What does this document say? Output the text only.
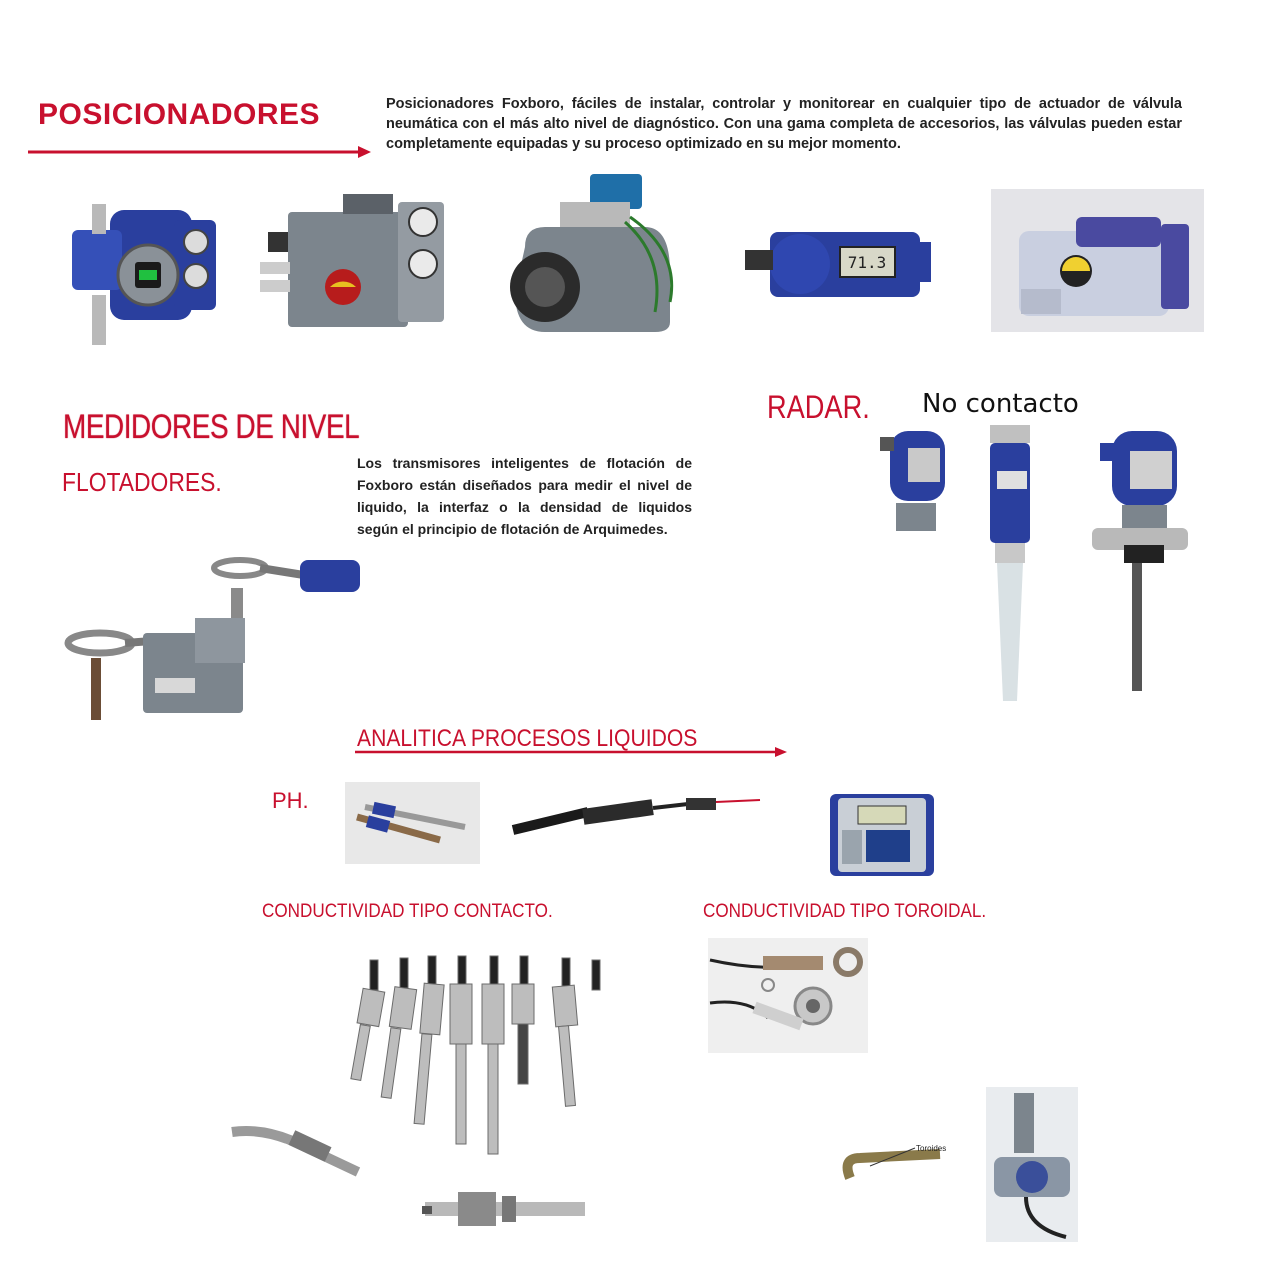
POSICIONADORES	Posicionadores Foxboro, fáciles de instalar, controlar y monitorear en cualquier tipo de actuador de válvula neumática con el más alto nivel de diagnóstico. Con una gama completa de accesorios, las válvulas pueden estar completamente equipadas y su proceso optimizado en su mejor momento.
71.3
MEDIDORES DE NIVEL
FLOTADORES.
Los transmisores inteligentes de flotación de Foxboro están diseñados para medir el nivel de liquido, la interfaz o la densidad de liquidos según el principio de flotación de Arquimedes.
RADAR. No contacto
ANALITICA PROCESOS LIQUIDOS
PH.
CONDUCTIVIDAD TIPO CONTACTO.	CONDUCTIVIDAD TIPO TOROIDAL.
Toroides
